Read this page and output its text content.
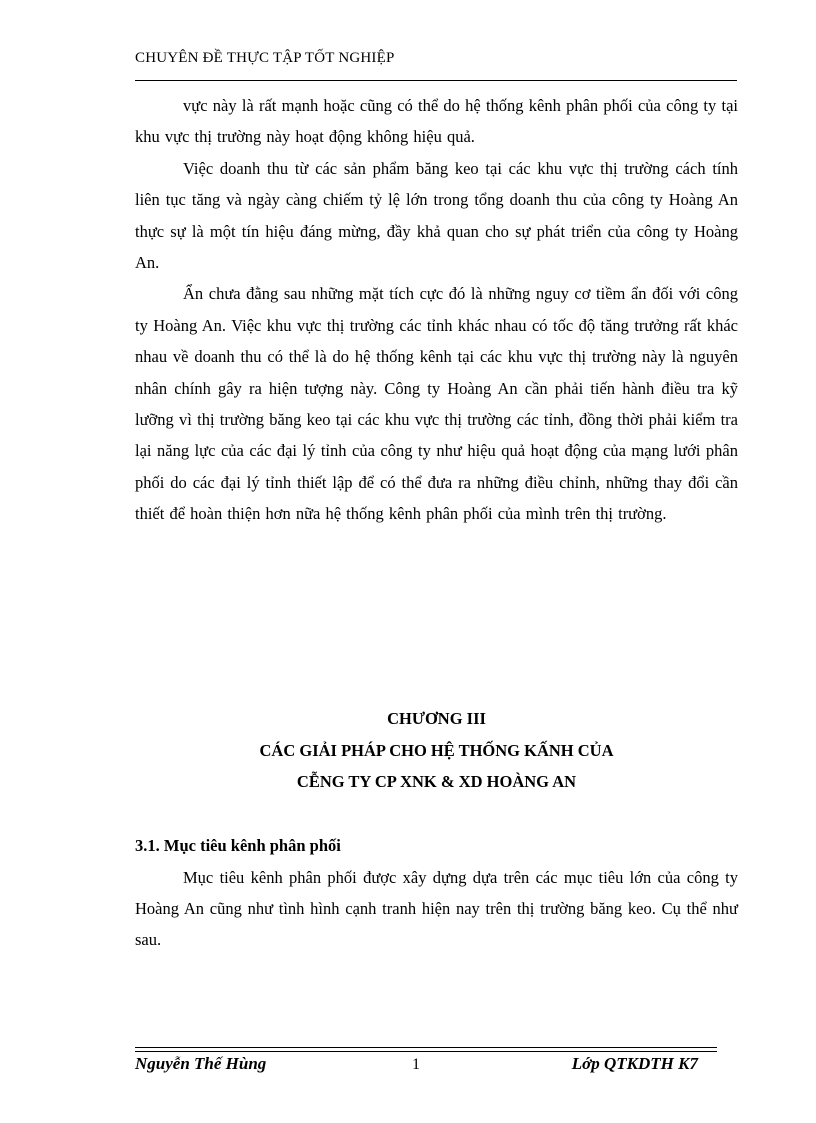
CHUYÊN ĐỀ THỰC TẬP TỐT NGHIỆP

vực này là rất mạnh hoặc cũng có thể do hệ thống kênh phân phối của công ty tại khu vực thị trường này hoạt động không hiệu quả.

Việc doanh thu từ các sản phẩm băng keo tại các khu vực thị trường cách tính liên tục tăng và ngày càng chiếm tỷ lệ lớn trong tổng doanh thu của công ty Hoàng An thực sự là một tín hiệu đáng mừng, đầy khả quan cho sự phát triển của công ty Hoàng An.

Ẩn chưa đằng sau những mặt tích cực đó là những nguy cơ tiềm ẩn đối với công ty Hoàng An. Việc khu vực thị trường các tỉnh khác nhau có tốc độ tăng trưởng rất khác nhau về doanh thu có thể là do hệ thống kênh tại các khu vực thị trường này là nguyên nhân chính gây ra hiện tượng này. Công ty Hoàng An cần phải tiến hành điều tra kỹ lưỡng vì thị trường băng keo tại các khu vực thị trường các tỉnh, đồng thời phải kiểm tra lại năng lực của các đại lý tỉnh của công ty như hiệu quả hoạt động của mạng lưới phân phối do các đại lý tỉnh thiết lập để có thể đưa ra những điều chỉnh, những thay đổi cần thiết để hoàn thiện hơn nữa hệ thống kênh phân phối của mình trên thị trường.

CHƯƠNG III
CÁC GIẢI PHÁP CHO HỆ THỐNG KẤNH CỦA
CỄNG TY CP XNK & XD HOÀNG AN

3.1. Mục tiêu kênh phân phối

Mục tiêu kênh phân phối được xây dựng dựa trên các mục tiêu lớn của công ty Hoàng An cũng như tình hình cạnh tranh hiện nay trên thị trường băng keo. Cụ thể như sau.

Nguyễn Thế Hùng	1	Lớp QTKDTH K7
